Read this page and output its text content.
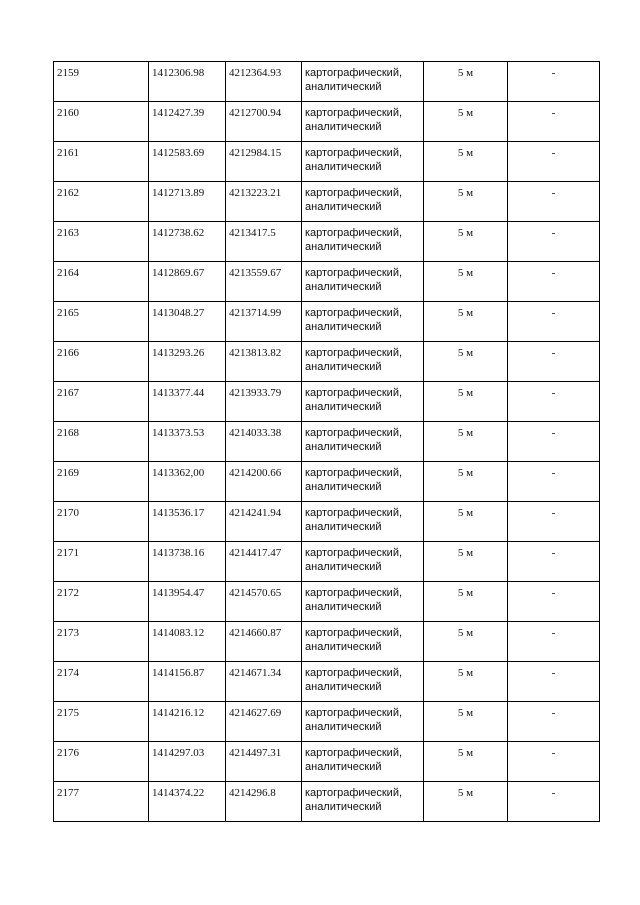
2159	1412306.98	4212364.93	картографический, аналитический	5 м	-
2160	1412427.39	4212700.94	картографический, аналитический	5 м	-
2161	1412583.69	4212984.15	картографический, аналитический	5 м	-
2162	1412713.89	4213223.21	картографический, аналитический	5 м	-
2163	1412738.62	4213417.5	картографический, аналитический	5 м	-
2164	1412869.67	4213559.67	картографический, аналитический	5 м	-
2165	1413048.27	4213714.99	картографический, аналитический	5 м	-
2166	1413293.26	4213813.82	картографический, аналитический	5 м	-
2167	1413377.44	4213933.79	картографический, аналитический	5 м	-
2168	1413373.53	4214033.38	картографический, аналитический	5 м	-
2169	1413362,00	4214200.66	картографический, аналитический	5 м	-
2170	1413536.17	4214241.94	картографический, аналитический	5 м	-
2171	1413738.16	4214417.47	картографический, аналитический	5 м	-
2172	1413954.47	4214570.65	картографический, аналитический	5 м	-
2173	1414083.12	4214660.87	картографический, аналитический	5 м	-
2174	1414156.87	4214671.34	картографический, аналитический	5 м	-
2175	1414216.12	4214627.69	картографический, аналитический	5 м	-
2176	1414297.03	4214497.31	картографический, аналитический	5 м	-
2177	1414374.22	4214296.8	картографический, аналитический	5 м	-
